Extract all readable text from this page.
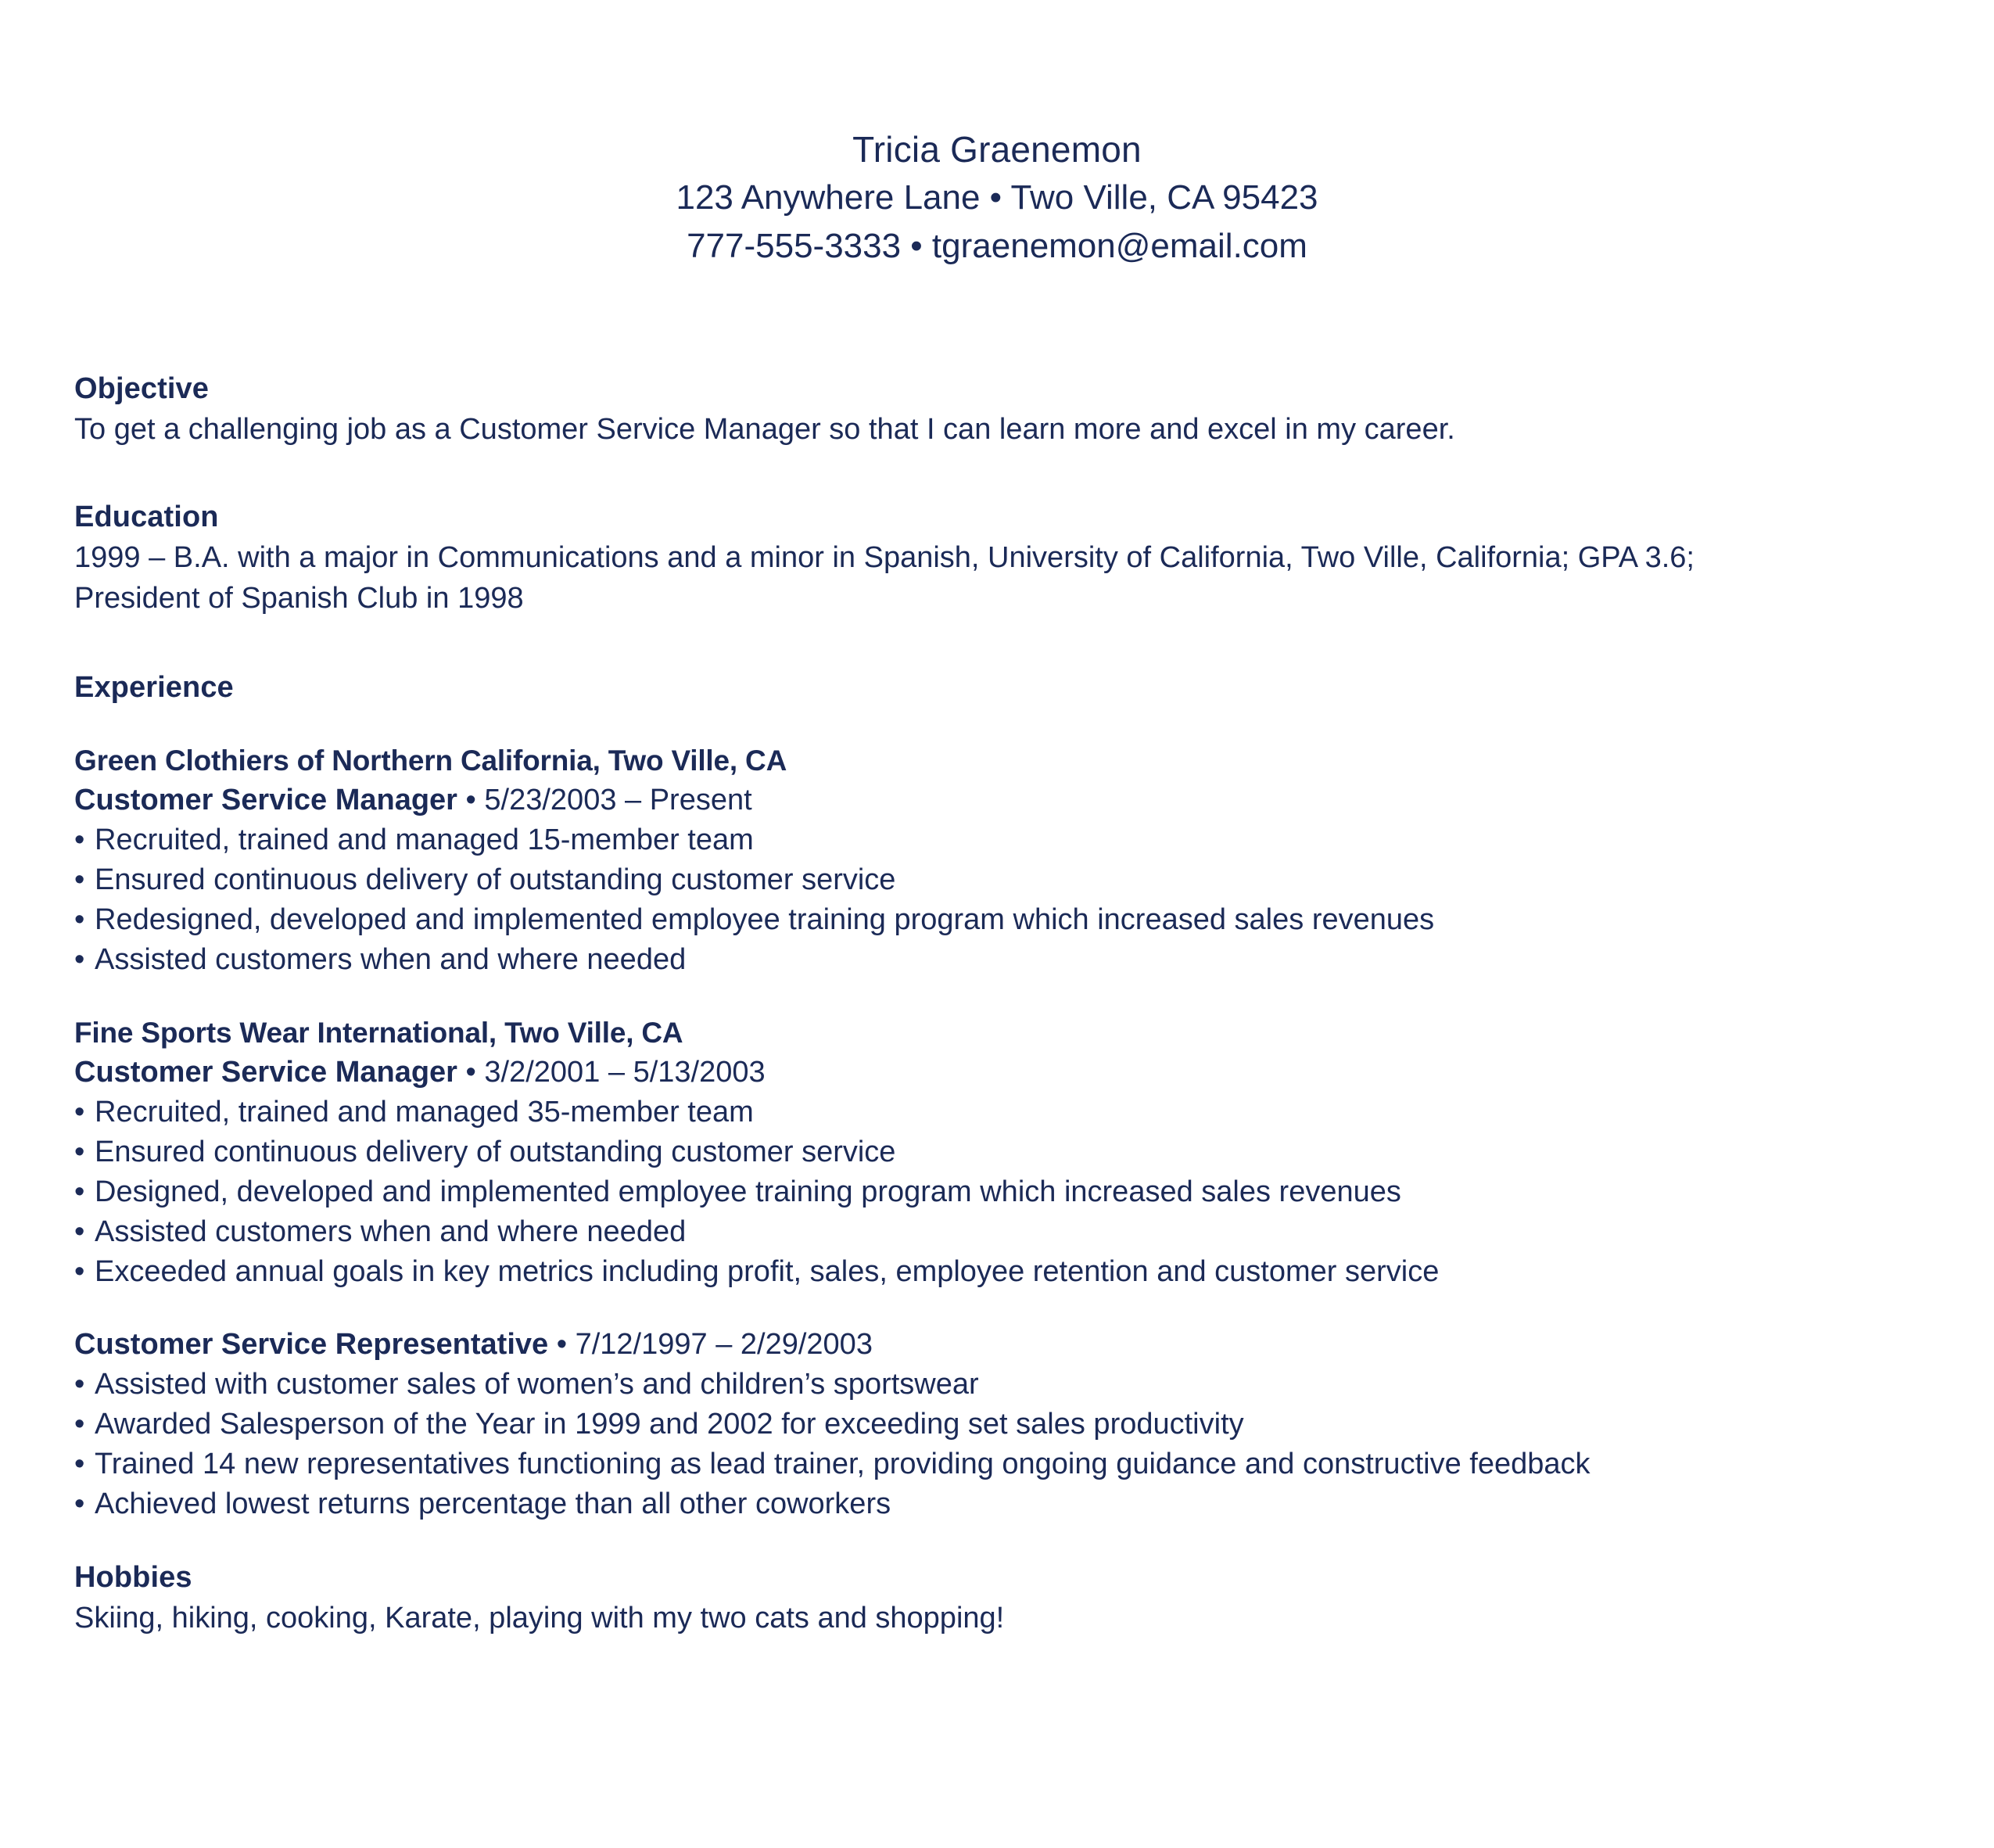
Tricia Graenemon
123 Anywhere Lane • Two Ville, CA 95423
777-555-3333 • tgraenemon@email.com
Objective
To get a challenging job as a Customer Service Manager so that I can learn more and excel in my career.
Education
1999 – B.A. with a major in Communications and a minor in Spanish, University of California, Two Ville, California; GPA 3.6;
President of Spanish Club in 1998
Experience
Green Clothiers of Northern California, Two Ville, CA
Customer Service Manager • 5/23/2003 – Present
• Recruited, trained and managed 15-member team
• Ensured continuous delivery of outstanding customer service
• Redesigned, developed and implemented employee training program which increased sales revenues
• Assisted customers when and where needed
Fine Sports Wear International, Two Ville, CA
Customer Service Manager • 3/2/2001 – 5/13/2003
• Recruited, trained and managed 35-member team
• Ensured continuous delivery of outstanding customer service
• Designed, developed and implemented employee training program which increased sales revenues
• Assisted customers when and where needed
• Exceeded annual goals in key metrics including profit, sales, employee retention and customer service
Customer Service Representative • 7/12/1997 – 2/29/2003
• Assisted with customer sales of women’s and children’s sportswear
• Awarded Salesperson of the Year in 1999 and 2002 for exceeding set sales productivity
• Trained 14 new representatives functioning as lead trainer, providing ongoing guidance and constructive feedback
• Achieved lowest returns percentage than all other coworkers
Hobbies
Skiing, hiking, cooking, Karate, playing with my two cats and shopping!
